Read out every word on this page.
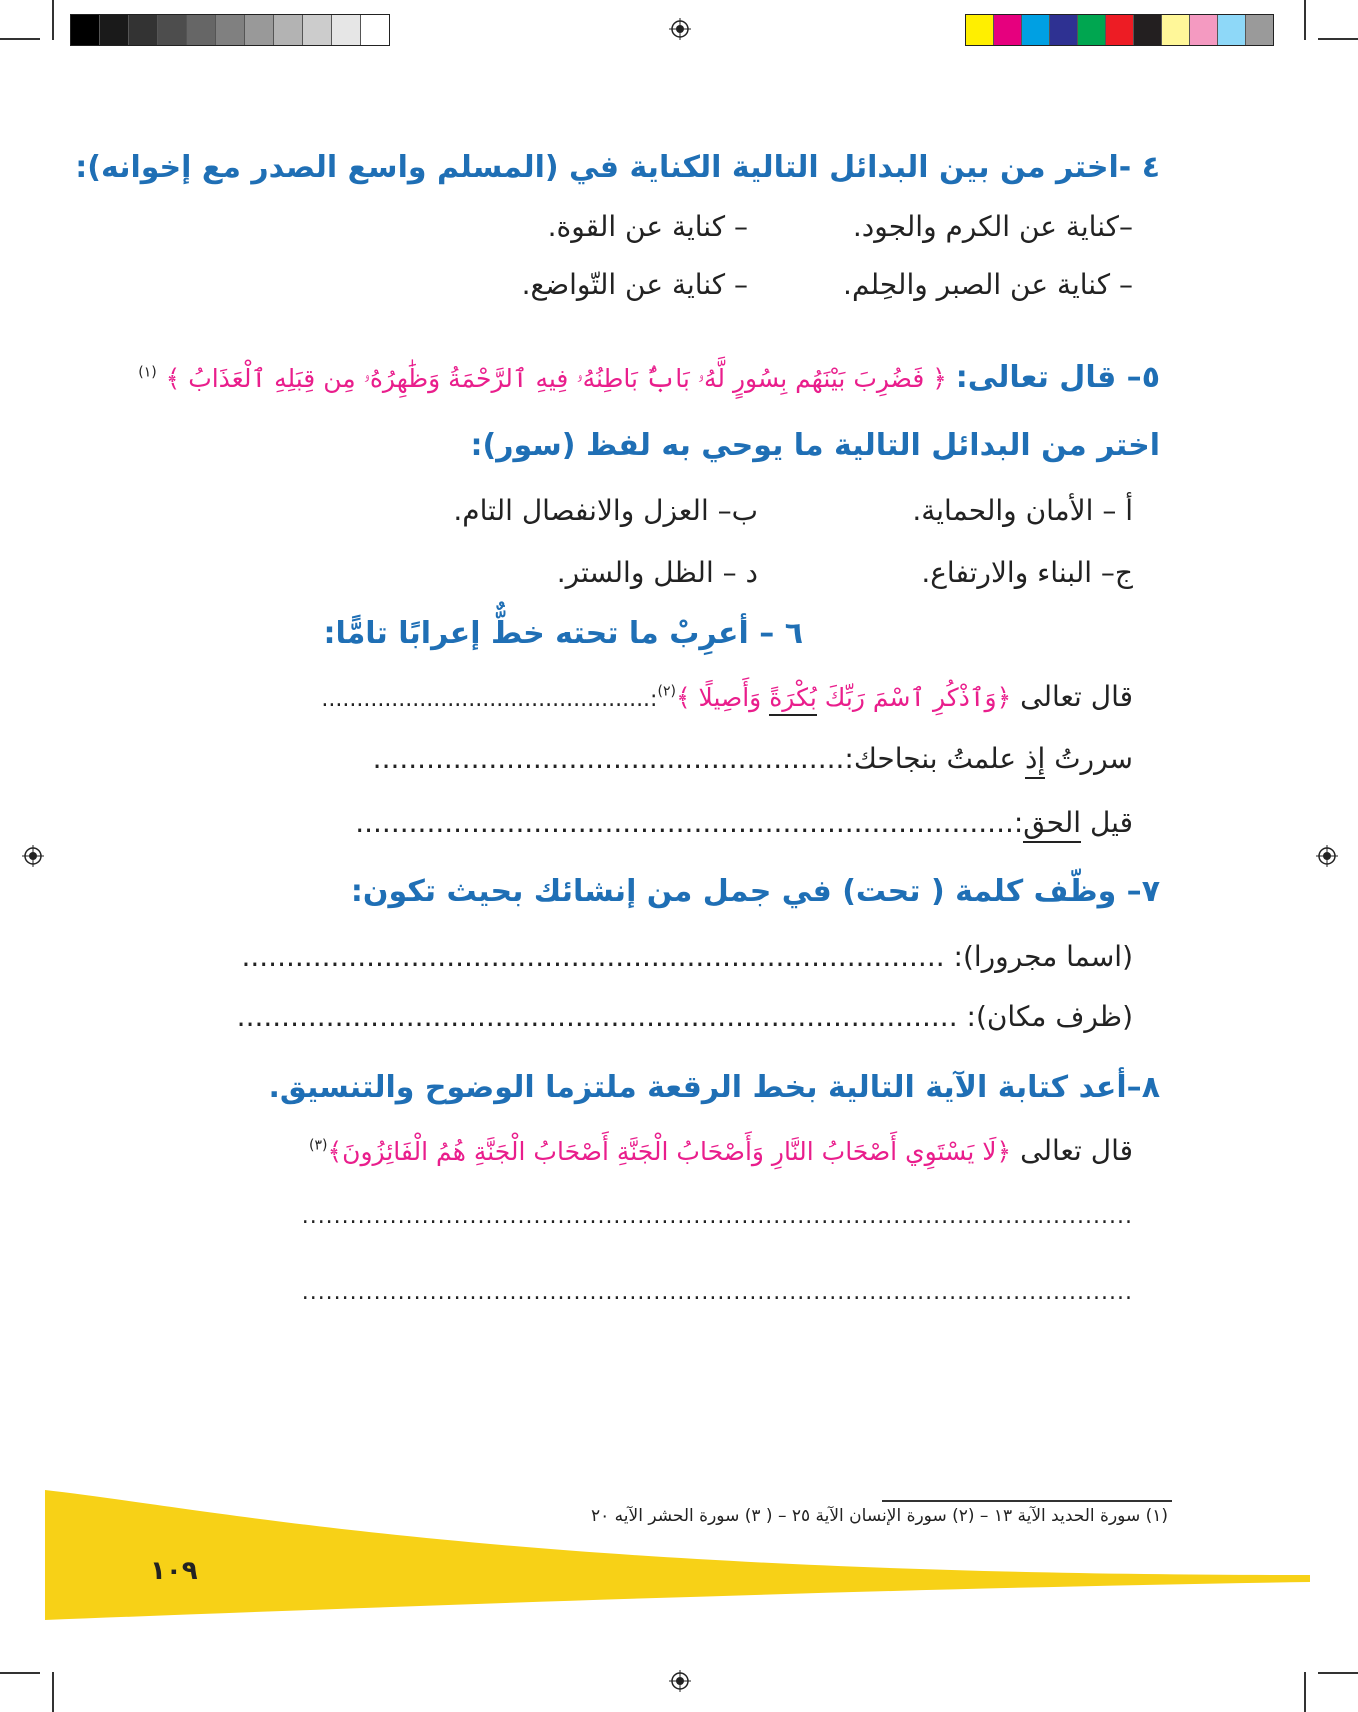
٤ -اختر من بين البدائل التالية الكناية في (المسلم واسع الصدر مع إخوانه):
–كناية عن الكرم والجود.
– كناية عن القوة.
– كناية عن الصبر والحِلم.
– كناية عن التّواضع.
٥– قال تعالى: ﴿ فَضُرِبَ بَيْنَهُم بِسُورٍ لَّهُۥ بَابٌۢ بَاطِنُهُۥ فِيهِ ٱلرَّحْمَةُ وَظَٰهِرُهُۥ مِن قِبَلِهِ ٱلْعَذَابُ ﴾ $^{(١)}$
اختر من البدائل التالية ما يوحي به لفظ (سور):
أ – الأمان والحماية.
ب– العزل والانفصال التام.
ج– البناء والارتفاع.
د – الظل والستر.
٦ – أعرِبْ ما تحته خطٌّ إعرابًا تامًّا:
قال تعالى ﴿وَٱذْكُرِ ٱسْمَ رَبِّكَ بُكْرَةً وَأَصِيلًا ﴾$^{(٢)}$:...............................................
سررتُ إذ علمتُ بنجاحك:.....................................................
قيل الحق:..........................................................................
٧– وظّف كلمة ( تحت) في جمل من إنشائك بحيث تكون:
(اسما مجرورا): ...............................................................................
(ظرف مكان): .................................................................................
٨–أعد كتابة الآية التالية بخط الرقعة ملتزما الوضوح والتنسيق.
قال تعالى ﴿لَا يَسْتَوِي أَصْحَابُ النَّارِ وَأَصْحَابُ الْجَنَّةِ أَصْحَابُ الْجَنَّةِ هُمُ الْفَائِزُونَ﴾$^{(٣)}$
........................................................................................................
........................................................................................................
(١) سورة الحديد الآية ١٣ – (٢) سورة الإنسان الآية ٢٥ – ( ٣) سورة الحشر الآيه ٢٠
١٠٩
